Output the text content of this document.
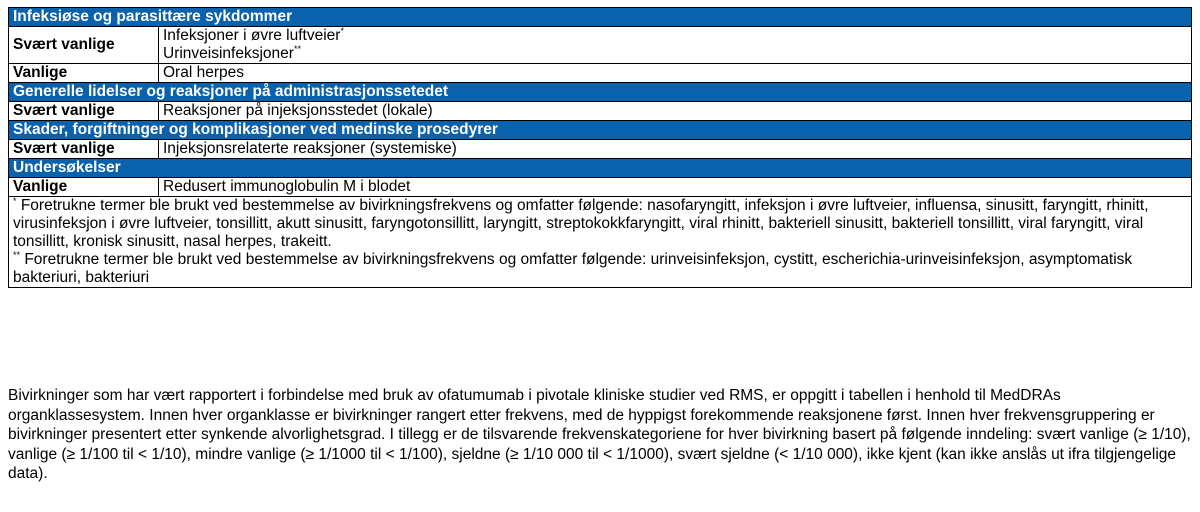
Infeksiøse og parasittære sykdommer	
Svært vanlige	Infeksjoner i øvre luftveier*
Urinveisinfeksjoner**

Vanlige	Oral herpes

Generelle lidelser og reaksjoner på administrasjonssetedet	
Svært vanlige	Reaksjoner på injeksjonsstedet (lokale)

Skader, forgiftninger og komplikasjoner ved medinske prosedyrer	
Svært vanlige	Injeksjonsrelaterte reaksjoner (systemiske)

Undersøkelser	
Vanlige	Redusert immunoglobulin M i blodet

* Foretrukne termer ble brukt ved bestemmelse av bivirkningsfrekvens og omfatter følgende: nasofaryngitt, infeksjon i øvre luftveier, influensa, sinusitt, faryngitt, rhinitt, virusinfeksjon i øvre luftveier, tonsillitt, akutt sinusitt, faryngotonsillitt, laryngitt, streptokokkfaryngitt, viral rhinitt, bakteriell sinusitt, bakteriell tonsillitt, viral faryngitt, viral tonsillitt, kronisk sinusitt, nasal herpes, trakeitt.
** Foretrukne termer ble brukt ved bestemmelse av bivirkningsfrekvens og omfatter følgende: urinveisinfeksjon, cystitt, escherichia-urinveisinfeksjon, asymptomatisk bakteriuri, bakteriuri	

Bivirkninger som har vært rapportert i forbindelse med bruk av ofatumumab i pivotale kliniske studier ved RMS, er oppgitt i tabellen i henhold til MedDRAs organklassesystem. Innen hver organklasse er bivirkninger rangert etter frekvens, med de hyppigst forekommende reaksjonene først. Innen hver frekvensgruppering er bivirkninger presentert etter synkende alvorlighetsgrad. I tillegg er de tilsvarende frekvenskategoriene for hver bivirkning basert på følgende inndeling: svært vanlige (≥ 1/10), vanlige (≥ 1/100 til < 1/10), mindre vanlige (≥ 1/1000 til < 1/100), sjeldne (≥ 1/10 000 til < 1/1000), svært sjeldne (< 1/10 000), ikke kjent (kan ikke anslås ut ifra tilgjengelige data).
